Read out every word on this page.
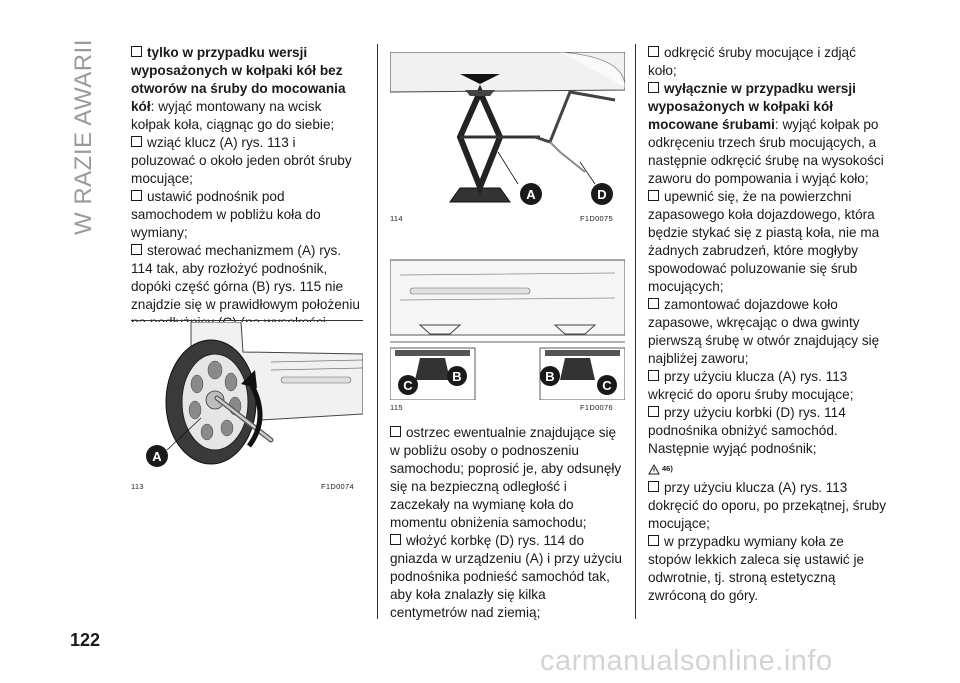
W RAZIE AWARII
122

tylko w przypadku wersji wyposażonych w kołpaki kół bez otworów na śruby do mocowania kół: wyjąć montowany na wcisk kołpak koła, ciągnąc go do siebie;

wziąć klucz (A) rys. 113 i poluzować o około jeden obrót śruby mocujące;

ustawić podnośnik pod samochodem w pobliżu koła do wymiany;

sterować mechanizmem (A) rys. 114 tak, aby rozłożyć podnośnik, dopóki część górna (B) rys. 115 nie znajdzie się w prawidłowym położeniu

A
113	F1D0074
A	D
114	F1D0075
C
B	B
C
115	F1D0076

ostrzec ewentualnie znajdujące się w pobliżu osoby o podnoszeniu samochodu; poprosić je, aby odsunęły się na bezpieczną odległość i zaczekały na wymianę koła do momentu obniżenia samochodu;

włożyć korbkę (D) rys. 114 do gniazda w urządzeniu (A) i przy użyciu podnośnika podnieść samochód tak, aby koła znalazły się kilka centymetrów nad ziemią;

odkręcić śruby mocujące i zdjąć koło;

wyłącznie w przypadku wersji wyposażonych w kołpaki kół mocowane śrubami: wyjąć kołpak po odkręceniu trzech śrub mocujących, a następnie odkręcić śrubę na wysokości zaworu do pompowania i wyjąć koło;

upewnić się, że na powierzchni zapasowego koła dojazdowego, która będzie stykać się z piastą koła, nie ma żadnych zabrudzeń, które mogłyby spowodować poluzowanie się śrub mocujących;

zamontować dojazdowe koło zapasowe, wkręcając o dwa gwinty pierwszą śrubę w otwór znajdujący się najbliżej zaworu;

przy użyciu klucza (A) rys. 113 wkręcić do oporu śruby mocujące;

przy użyciu korbki (D) rys. 114 podnośnika obniżyć samochód. Następnie wyjąć podnośnik;

46)

przy użyciu klucza (A) rys. 113 dokręcić do oporu, po przekątnej, śruby mocujące;

w przypadku wymiany koła ze stopów lekkich zaleca się ustawić je odwrotnie, tj. stroną estetyczną zwróconą do góry.

carmanualsonline.info
